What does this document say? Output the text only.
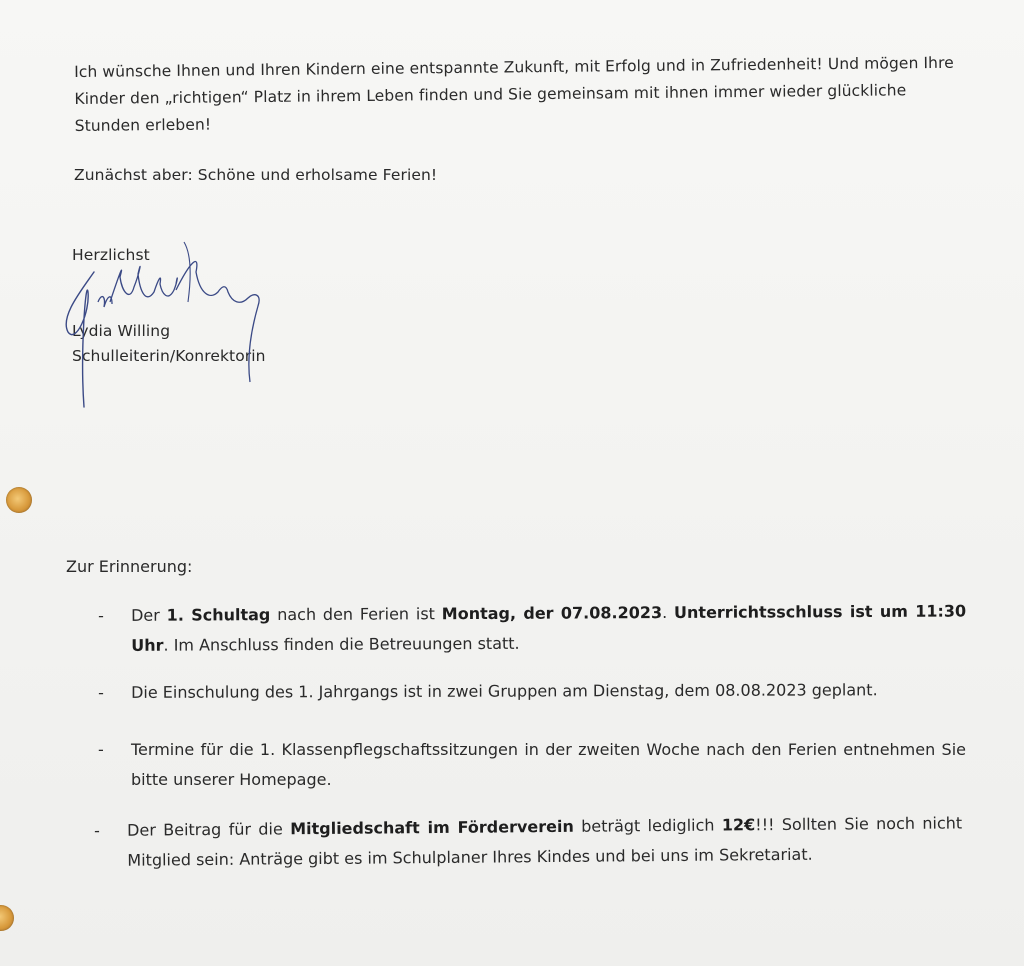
Ich wünsche Ihnen und Ihren Kindern eine entspannte Zukunft, mit Erfolg und in Zufriedenheit! Und mögen Ihre Kinder den „richtigen“ Platz in ihrem Leben finden und Sie gemeinsam mit ihnen immer wieder glückliche Stunden erleben!

Zunächst aber: Schöne und erholsame Ferien!

Herzlichst

Lydia Willing

Schulleiterin/Konrektorin

Zur Erinnerung:
-	Der 1. Schultag nach den Ferien ist Montag, der 07.08.2023. Unterrichtsschluss ist um 11:30 Uhr. Im Anschluss finden die Betreuungen statt.
-	Die Einschulung des 1. Jahrgangs ist in zwei Gruppen am Dienstag, dem 08.08.2023 geplant.
-	Termine für die 1. Klassenpflegschaftssitzungen in der zweiten Woche nach den Ferien entnehmen Sie bitte unserer Homepage.
-	Der Beitrag für die Mitgliedschaft im Förderverein beträgt lediglich 12€!!! Sollten Sie noch nicht Mitglied sein: Anträge gibt es im Schulplaner Ihres Kindes und bei uns im Sekretariat.
